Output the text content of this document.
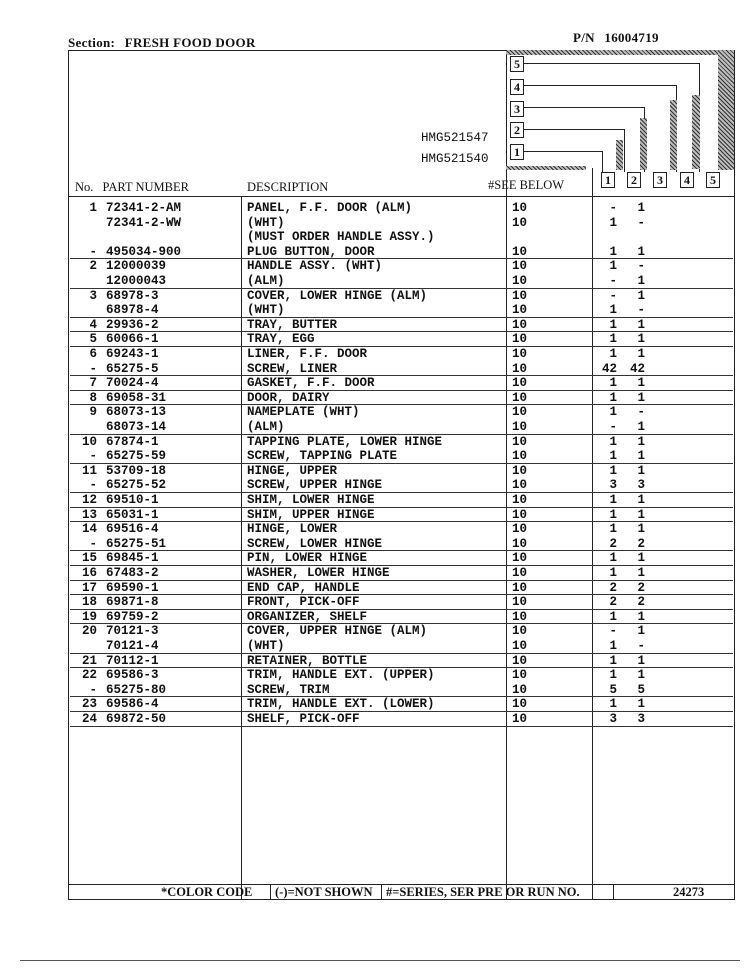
Section: FRESH FOOD DOOR	P/N 16004719
5
4
3
2
1
HMG521547
HMG521540
No. PART NUMBER	DESCRIPTION	#SEE BELOW	1	2	3	4	5
1 72341-2-AM	PANEL, F.F. DOOR (ALM)	10	- 1
72341-2-WW	(WHT)	10	1 -
(MUST ORDER HANDLE ASSY.)
- 495034-900	PLUG BUTTON, DOOR	10	1 1
2 12000039	HANDLE ASSY. (WHT)	10	1 -
12000043	(ALM)	10	- 1
3 68978-3	COVER, LOWER HINGE (ALM)	10	- 1
68978-4	(WHT)	10	1 -
4 29936-2	TRAY, BUTTER	10	1 1
5 60066-1	TRAY, EGG	10	1 1
6 69243-1	LINER, F.F. DOOR	10	1 1
- 65275-5	SCREW, LINER	10	42 42
7 70024-4	GASKET, F.F. DOOR	10	1 1
8 69058-31	DOOR, DAIRY	10	1 1
9 68073-13	NAMEPLATE (WHT)	10	1 -
68073-14	(ALM)	10	- 1
10 67874-1	TAPPING PLATE, LOWER HINGE	10	1 1
- 65275-59	SCREW, TAPPING PLATE	10	1 1
11 53709-18	HINGE, UPPER	10	1 1
- 65275-52	SCREW, UPPER HINGE	10	3 3
12 69510-1	SHIM, LOWER HINGE	10	1 1
13 65031-1	SHIM, UPPER HINGE	10	1 1
14 69516-4	HINGE, LOWER	10	1 1
- 65275-51	SCREW, LOWER HINGE	10	2 2
15 69845-1	PIN, LOWER HINGE	10	1 1
16 67483-2	WASHER, LOWER HINGE	10	1 1
17 69590-1	END CAP, HANDLE	10	2 2
18 69871-8	FRONT, PICK-OFF	10	2 2
19 69759-2	ORGANIZER, SHELF	10	1 1
20 70121-3	COVER, UPPER HINGE (ALM)	10	- 1
70121-4	(WHT)	10	1 -
21 70112-1	RETAINER, BOTTLE	10	1 1
22 69586-3	TRIM, HANDLE EXT. (UPPER)	10	1 1
- 65275-80	SCREW, TRIM	10	5 5
23 69586-4	TRIM, HANDLE EXT. (LOWER)	10	1 1
24 69872-50	SHELF, PICK-OFF	10	3 3
*COLOR CODE (-)=NOT SHOWN #=SERIES, SER PRE OR RUN NO.	24273
